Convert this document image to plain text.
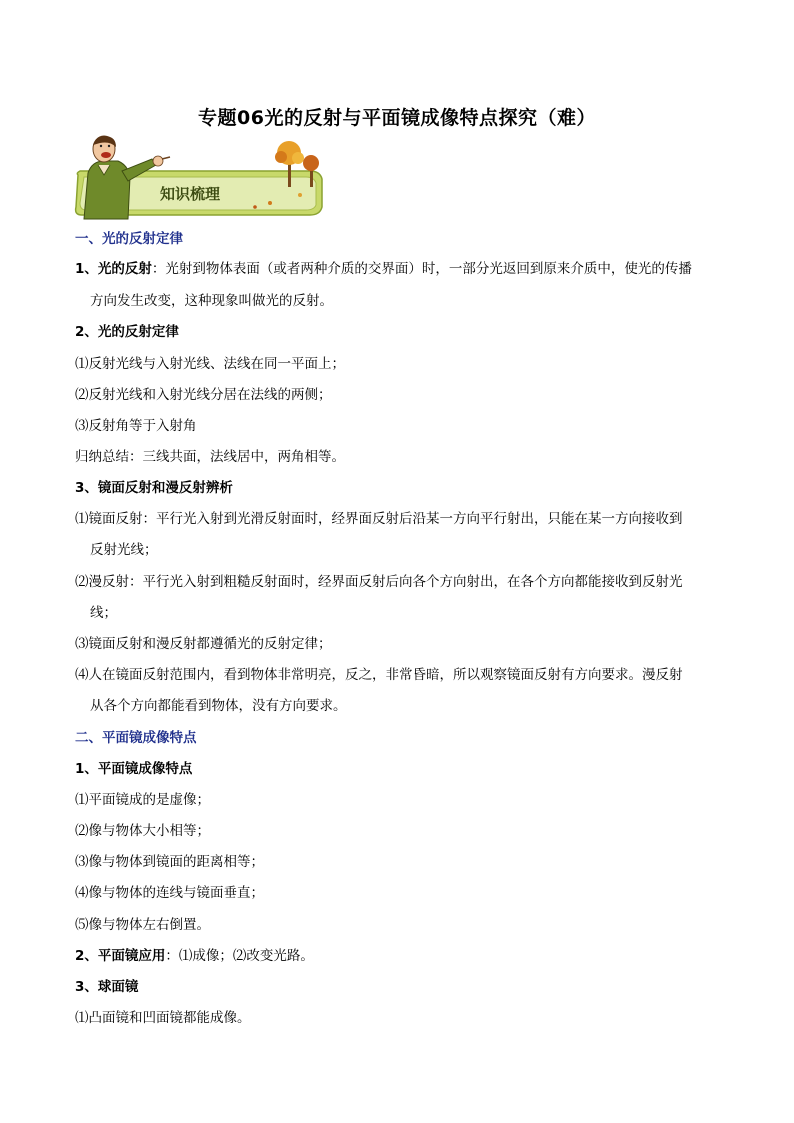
专题06光的反射与平面镜成像特点探究（难）
知识梳理
一、光的反射定律
1、光的反射：光射到物体表面（或者两种介质的交界面）时，一部分光返回到原来介质中，使光的传播
方向发生改变，这种现象叫做光的反射。
2、光的反射定律
⑴反射光线与入射光线、法线在同一平面上；
⑵反射光线和入射光线分居在法线的两侧；
⑶反射角等于入射角
归纳总结：三线共面，法线居中，两角相等。
3、镜面反射和漫反射辨析
⑴镜面反射：平行光入射到光滑反射面时，经界面反射后沿某一方向平行射出，只能在某一方向接收到
反射光线；
⑵漫反射：平行光入射到粗糙反射面时，经界面反射后向各个方向射出，在各个方向都能接收到反射光
线；
⑶镜面反射和漫反射都遵循光的反射定律；
⑷人在镜面反射范围内，看到物体非常明亮，反之，非常昏暗，所以观察镜面反射有方向要求。漫反射
从各个方向都能看到物体，没有方向要求。
二、平面镜成像特点
1、平面镜成像特点
⑴平面镜成的是虚像；
⑵像与物体大小相等；
⑶像与物体到镜面的距离相等；
⑷像与物体的连线与镜面垂直；
⑸像与物体左右倒置。
2、平面镜应用：⑴成像；⑵改变光路。
3、球面镜
⑴凸面镜和凹面镜都能成像。
